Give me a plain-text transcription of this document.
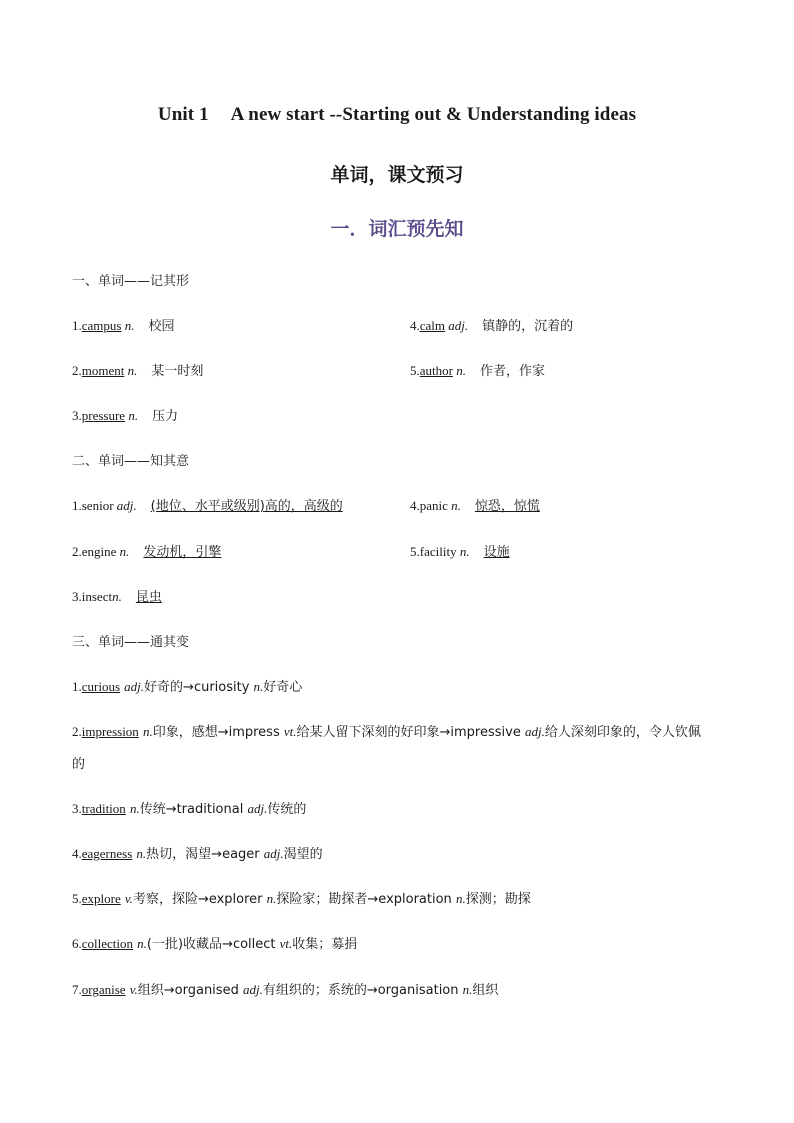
Unit 1 A new start --Starting out & Understanding ideas
单词，课文预习
一．词汇预先知
一、单词——记其形
1.campus n. 校园
2.moment n. 某一时刻
3.pressure n. 压力
4.calm adj. 镇静的，沉着的
5.author n. 作者，作家
二、单词——知其意
1.senior adj. (地位、水平或级别)高的，高级的
2.engine n. 发动机，引擎
3.insectn. 昆虫
4.panic n. 惊恐，惊慌
5.facility n. 设施
三、单词——通其变
1.curious adj.好奇的→curiosity n.好奇心
2.impression n.印象，感想→impress vt.给某人留下深刻的好印象→impressive adj.给人深刻印象的，令人钦佩
的
3.tradition n.传统→traditional adj.传统的
4.eagerness n.热切，渴望→eager adj.渴望的
5.explore v.考察，探险→explorer n.探险家；勘探者→exploration n.探测；勘探
6.collection n.(一批)收藏品→collect vt.收集；募捐
7.organise v.组织→organised adj.有组织的；系统的→organisation n.组织
